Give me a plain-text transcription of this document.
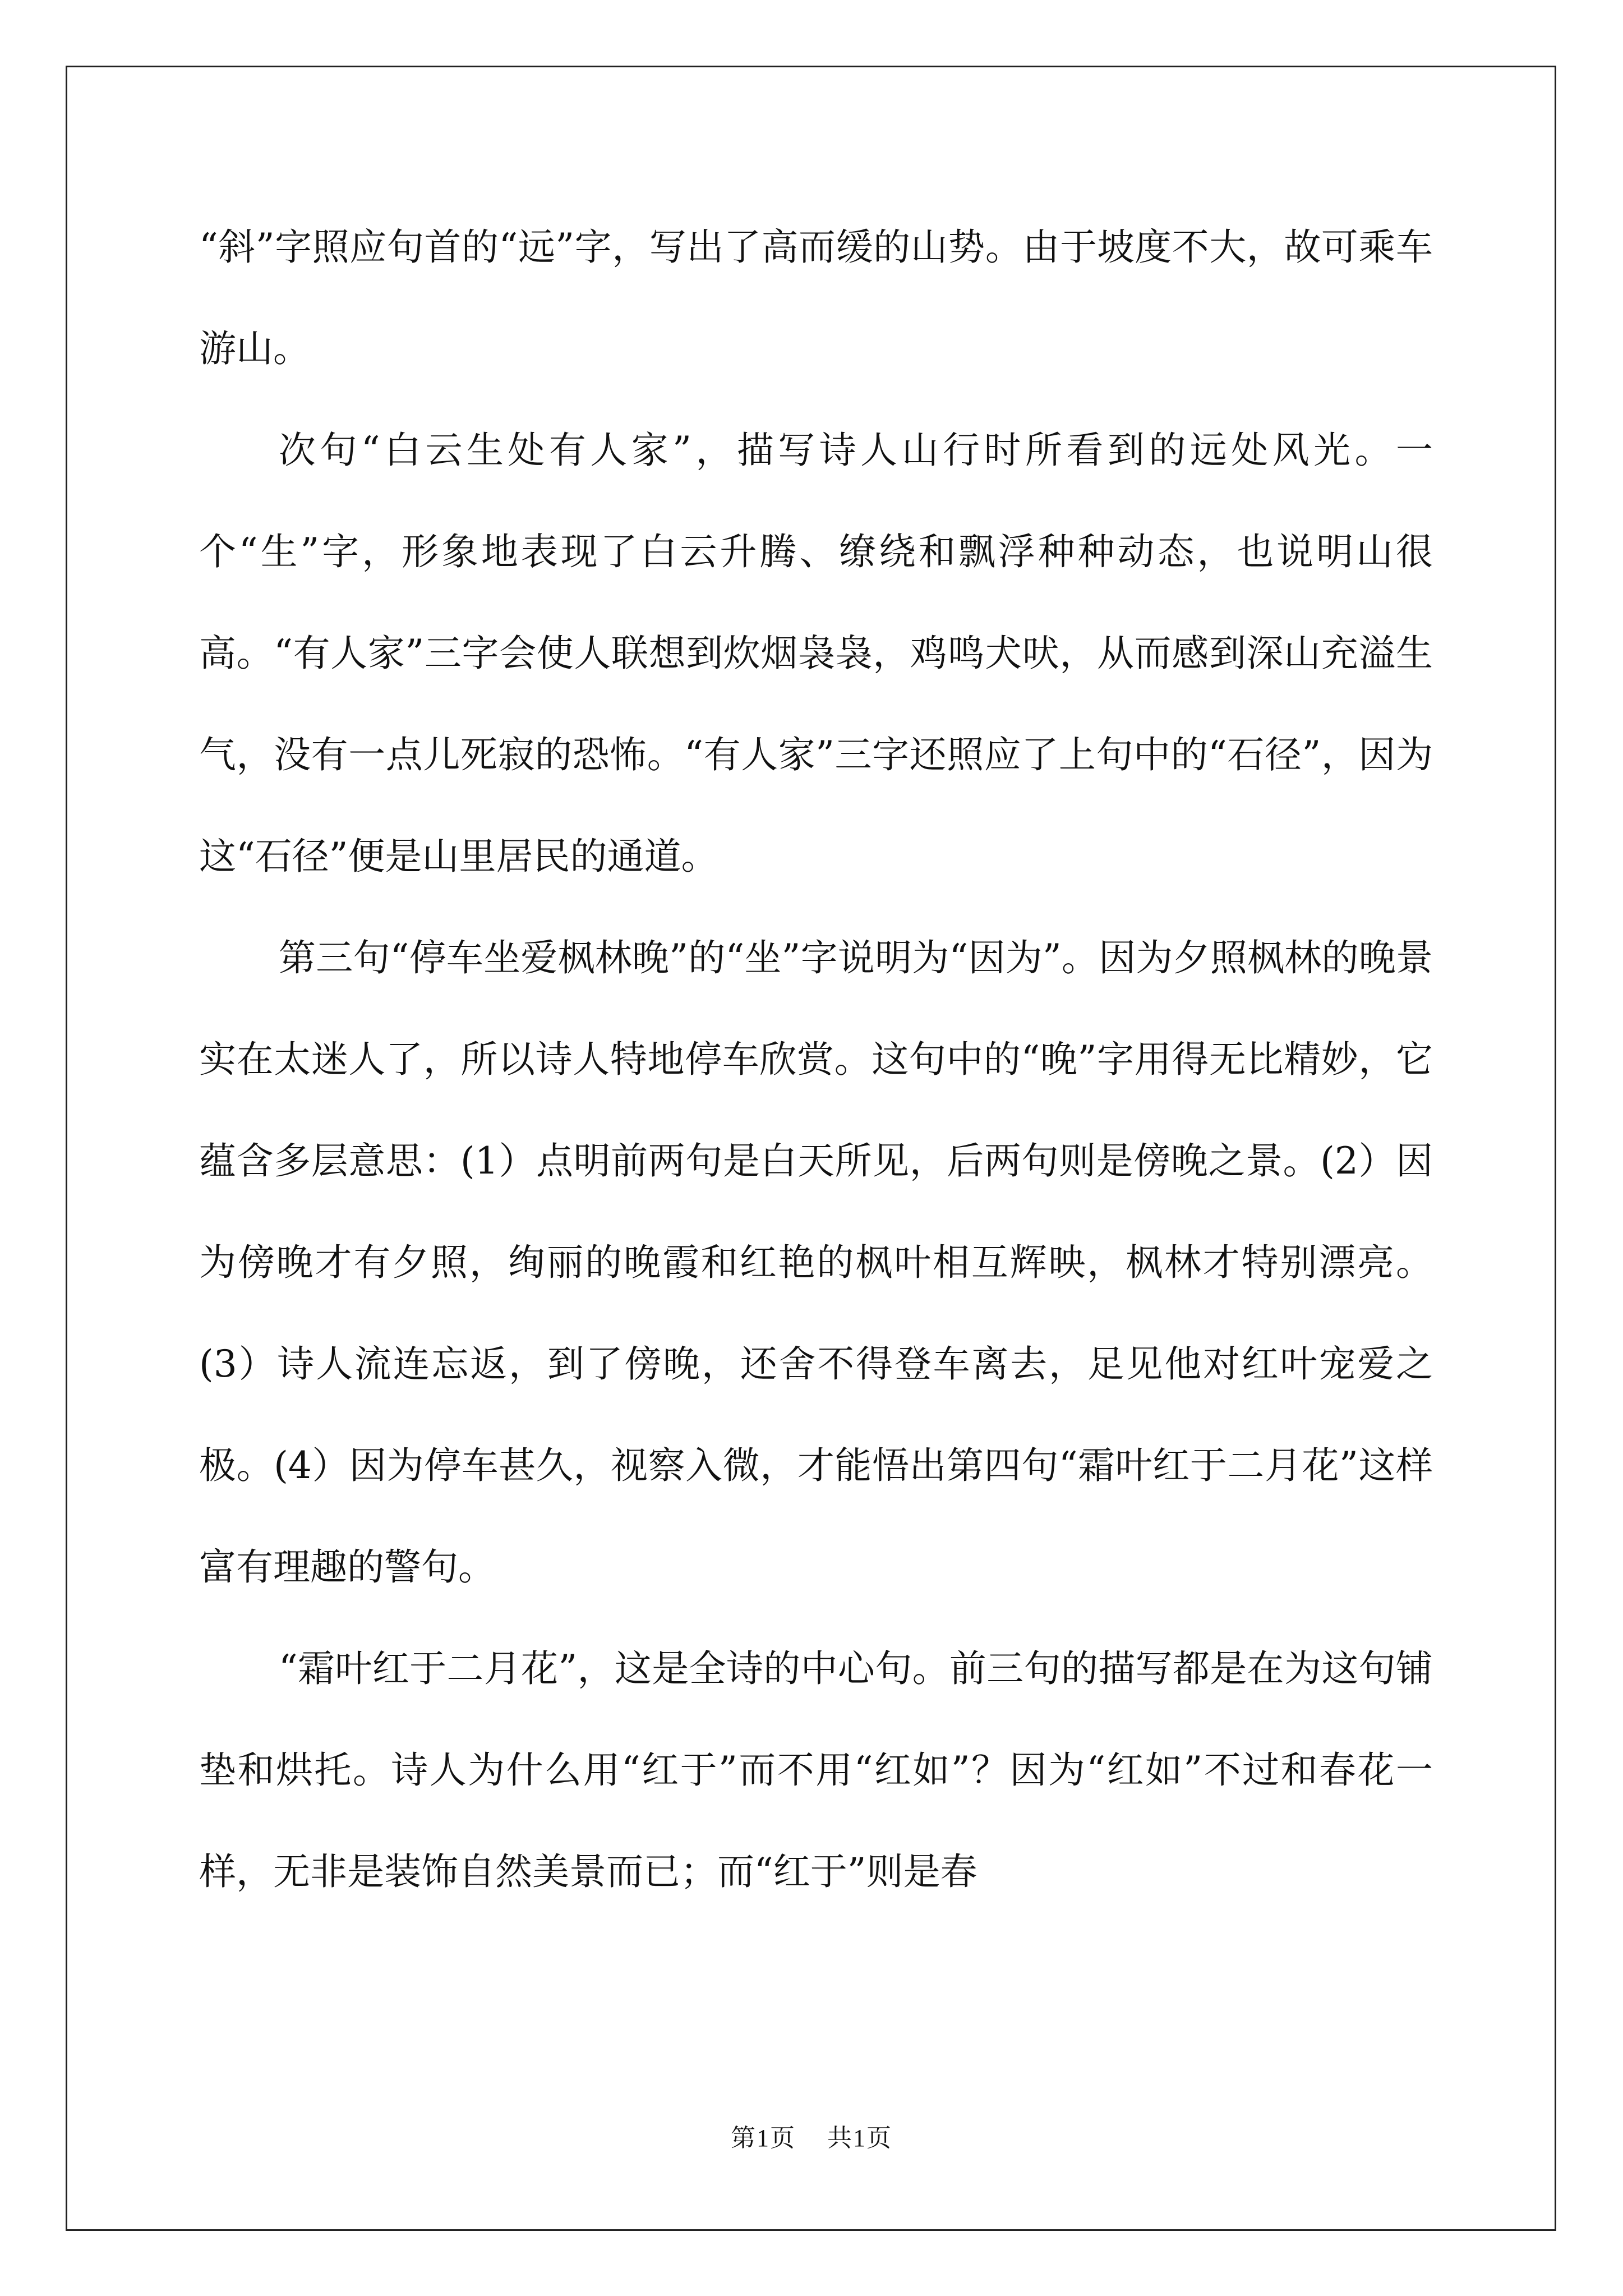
“斜”字照应句首的“远”字，写出了高而缓的山势。由于坡度不大，故可乘车游山。

次句“白云生处有人家”，描写诗人山行时所看到的远处风光。一个“生”字，形象地表现了白云升腾、缭绕和飘浮种种动态，也说明山很高。“有人家”三字会使人联想到炊烟袅袅，鸡鸣犬吠，从而感到深山充溢生气，没有一点儿死寂的恐怖。“有人家”三字还照应了上句中的“石径”，因为这“石径”便是山里居民的通道。

第三句“停车坐爱枫林晚”的“坐”字说明为“因为”。因为夕照枫林的晚景实在太迷人了，所以诗人特地停车欣赏。这句中的“晚”字用得无比精妙，它蕴含多层意思：(1）点明前两句是白天所见，后两句则是傍晚之景。(2）因为傍晚才有夕照，绚丽的晚霞和红艳的枫叶相互辉映，枫林才特别漂亮。(3）诗人流连忘返，到了傍晚，还舍不得登车离去，足见他对红叶宠爱之极。(4）因为停车甚久，视察入微，才能悟出第四句“霜叶红于二月花”这样富有理趣的警句。

“霜叶红于二月花”，这是全诗的中心句。前三句的描写都是在为这句铺垫和烘托。诗人为什么用“红于”而不用“红如”？因为“红如”不过和春花一样，无非是装饰自然美景而已；而“红于”则是春

第1页 共1页
